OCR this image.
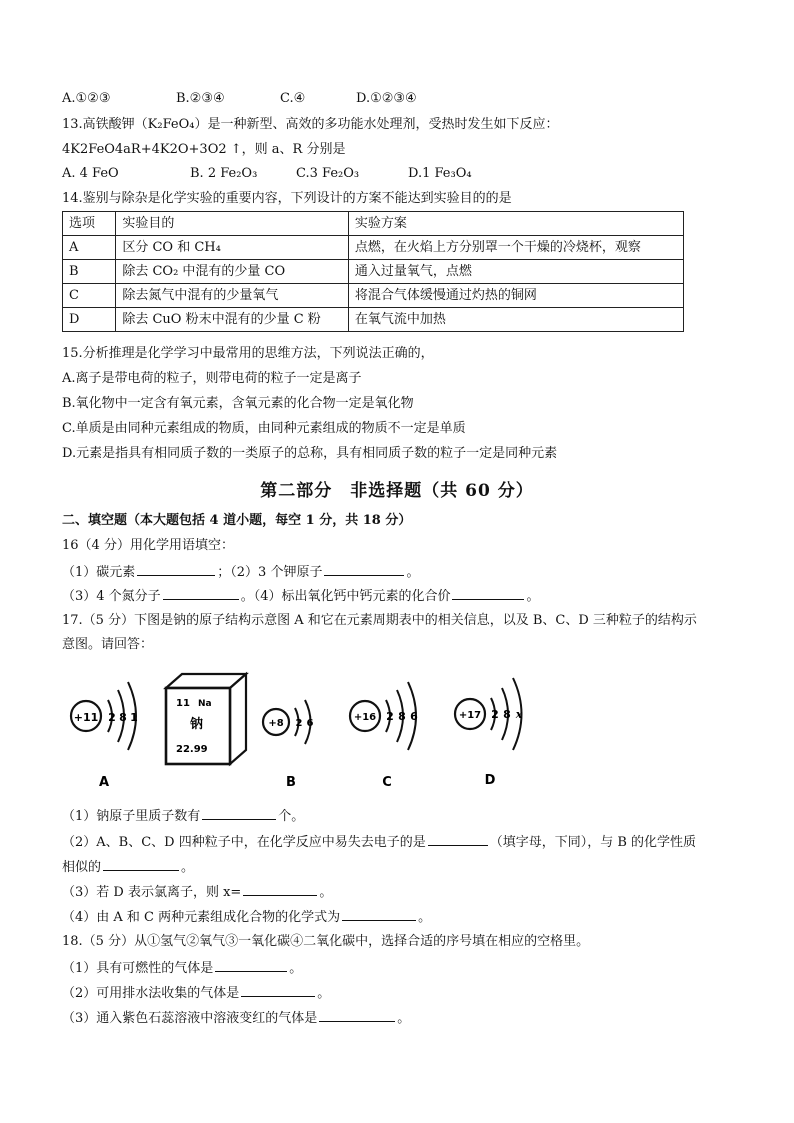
A.①②③	B.②③④	C.④	D.①②③④
13.高铁酸钾（K₂FeO₄）是一种新型、高效的多功能水处理剂，受热时发生如下反应：
4K2FeO4aR+4K2O+3O2 ↑，则 a、R 分别是
A. 4 FeO	B. 2 Fe₂O₃	C.3 Fe₂O₃	D.1 Fe₃O₄
14.鉴别与除杂是化学实验的重要内容，下列设计的方案不能达到实验目的的是
选项	实验目的	实验方案
A	区分 CO 和 CH₄	点燃，在火焰上方分别罩一个干燥的冷烧杯，观察
B	除去 CO₂ 中混有的少量 CO	通入过量氧气，点燃
C	除去氮气中混有的少量氧气	将混合气体缓慢通过灼热的铜网
D	除去 CuO 粉末中混有的少量 C 粉	在氧气流中加热
15.分析推理是化学学习中最常用的思维方法，下列说法正确的，
A.离子是带电荷的粒子，则带电荷的粒子一定是离子
B.氧化物中一定含有氧元素，含氧元素的化合物一定是氧化物
C.单质是由同种元素组成的物质，由同种元素组成的物质不一定是单质
D.元素是指具有相同质子数的一类原子的总称，具有相同质子数的粒子一定是同种元素
第二部分　非选择题（共 60 分）
二、填空题（本大题包括 4 道小题，每空 1 分，共 18 分）
16（4 分）用化学用语填空：
（1）碳元素	；（2）3 个钾原子	。
（3）4 个氮分子	。（4）标出氧化钙中钙元素的化合价	。
17.（5 分）下图是钠的原子结构示意图 A 和它在元素周期表中的相关信息，以及 B、C、D 三种粒子的结构示
意图。请回答：
+11 2 8 1
11 Na
钠
22.99
+8 2 6
+16 2 8 6	+17 2 8 x
A	B	C	D
（1）钠原子里质子数有	个。
（2）A、B、C、D 四种粒子中，在化学反应中易失去电子的是	（填字母，下同），与 B 的化学性质
相似的	。
（3）若 D 表示氯离子，则 x=	。
（4）由 A 和 C 两种元素组成化合物的化学式为	。
18.（5 分）从①氢气②氧气③一氧化碳④二氧化碳中，选择合适的序号填在相应的空格里。
（1）具有可燃性的气体是	。
（2）可用排水法收集的气体是	。
（3）通入紫色石蕊溶液中溶液变红的气体是	。
